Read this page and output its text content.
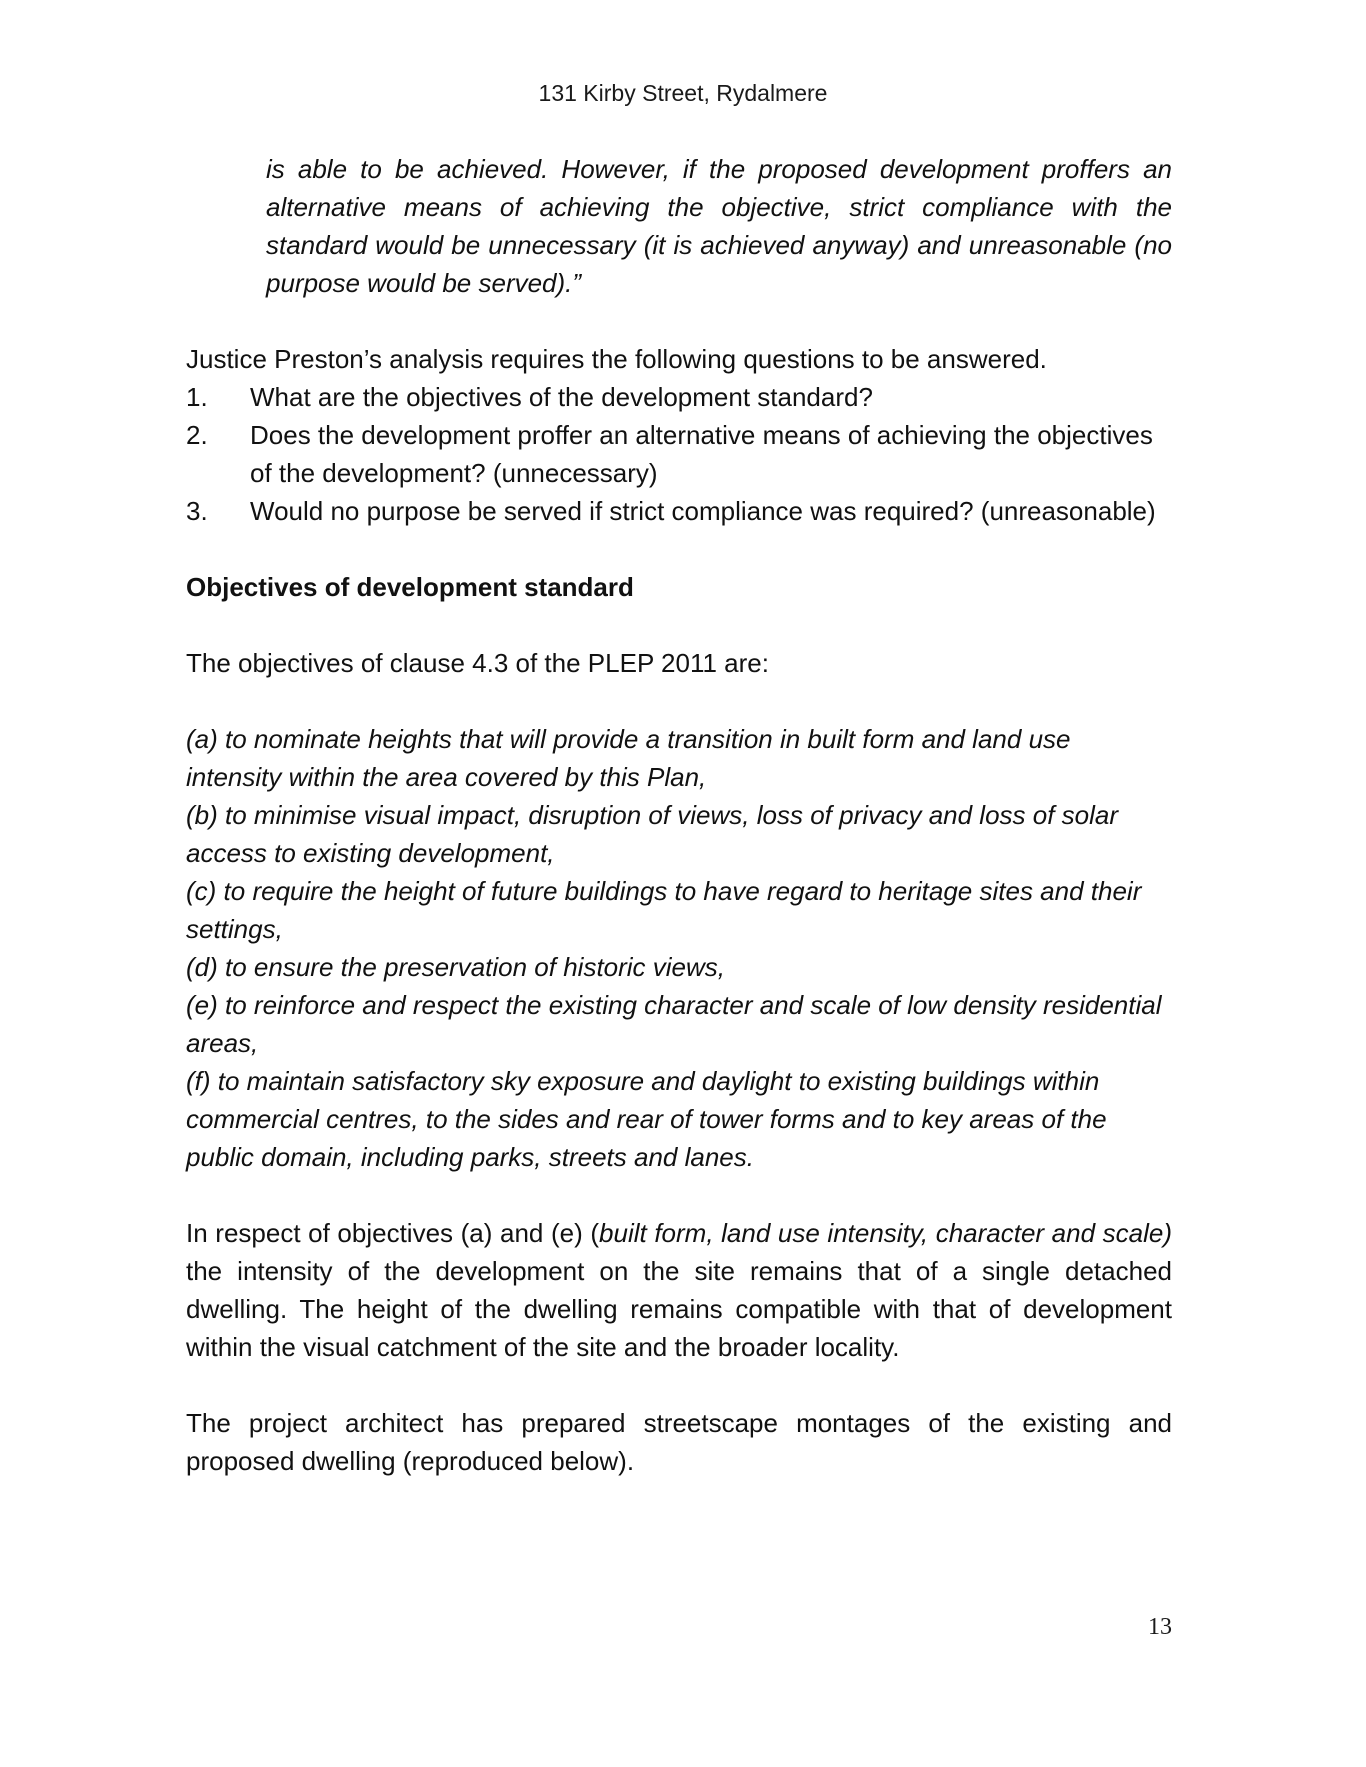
131 Kirby Street, Rydalmere

is able to be achieved. However, if the proposed development proffers an alternative means of achieving the objective, strict compliance with the standard would be unnecessary (it is achieved anyway) and unreasonable (no purpose would be served).”

Justice Preston’s analysis requires the following questions to be answered.

1.	What are the objectives of the development standard?
2.	Does the development proffer an alternative means of achieving the objectives of the development? (unnecessary)
3.	Would no purpose be served if strict compliance was required? (unreasonable)

Objectives of development standard

The objectives of clause 4.3 of the PLEP 2011 are:

(a) to nominate heights that will provide a transition in built form and land use intensity within the area covered by this Plan,

(b) to minimise visual impact, disruption of views, loss of privacy and loss of solar access to existing development,

(c) to require the height of future buildings to have regard to heritage sites and their settings,

(d) to ensure the preservation of historic views,

(e) to reinforce and respect the existing character and scale of low density residential areas,

(f) to maintain satisfactory sky exposure and daylight to existing buildings within commercial centres, to the sides and rear of tower forms and to key areas of the public domain, including parks, streets and lanes.

In respect of objectives (a) and (e) (built form, land use intensity, character and scale) the intensity of the development on the site remains that of a single detached dwelling. The height of the dwelling remains compatible with that of development within the visual catchment of the site and the broader locality.

The project architect has prepared streetscape montages of the existing and proposed dwelling (reproduced below).

13
